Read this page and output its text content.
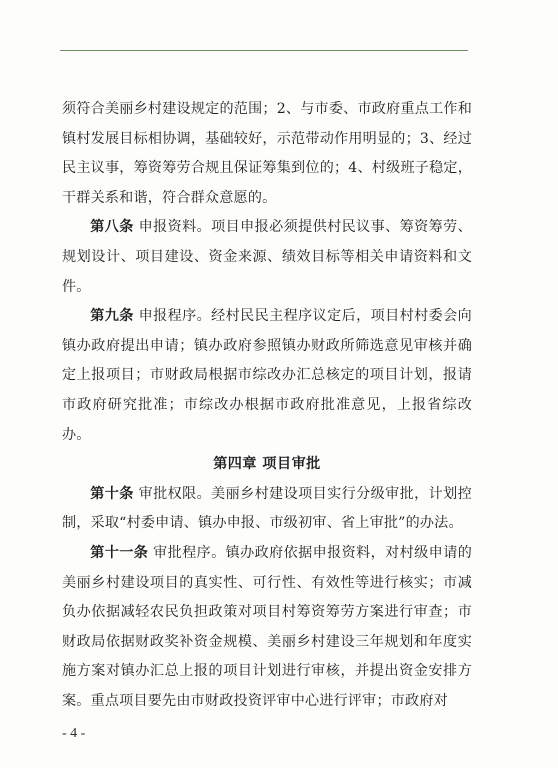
须符合美丽乡村建设规定的范围；2、与市委、市政府重点工作和镇村发展目标相协调，基础较好，示范带动作用明显的；3、经过民主议事，筹资筹劳合规且保证筹集到位的；4、村级班子稳定，干群关系和谐，符合群众意愿的。

第八条 申报资料。项目申报必须提供村民议事、筹资筹劳、规划设计、项目建设、资金来源、绩效目标等相关申请资料和文件。

第九条 申报程序。经村民民主程序议定后，项目村村委会向镇办政府提出申请；镇办政府参照镇办财政所筛选意见审核并确定上报项目；市财政局根据市综改办汇总核定的项目计划，报请市政府研究批准；市综改办根据市政府批准意见，上报省综改办。

第四章 项目审批

第十条 审批权限。美丽乡村建设项目实行分级审批，计划控制，采取“村委申请、镇办申报、市级初审、省上审批”的办法。

第十一条 审批程序。镇办政府依据申报资料，对村级申请的美丽乡村建设项目的真实性、可行性、有效性等进行核实；市减负办依据减轻农民负担政策对项目村筹资筹劳方案进行审查；市财政局依据财政奖补资金规模、美丽乡村建设三年规划和年度实施方案对镇办汇总上报的项目计划进行审核，并提出资金安排方案。重点项目要先由市财政投资评审中心进行评审；市政府对

- 4 -
